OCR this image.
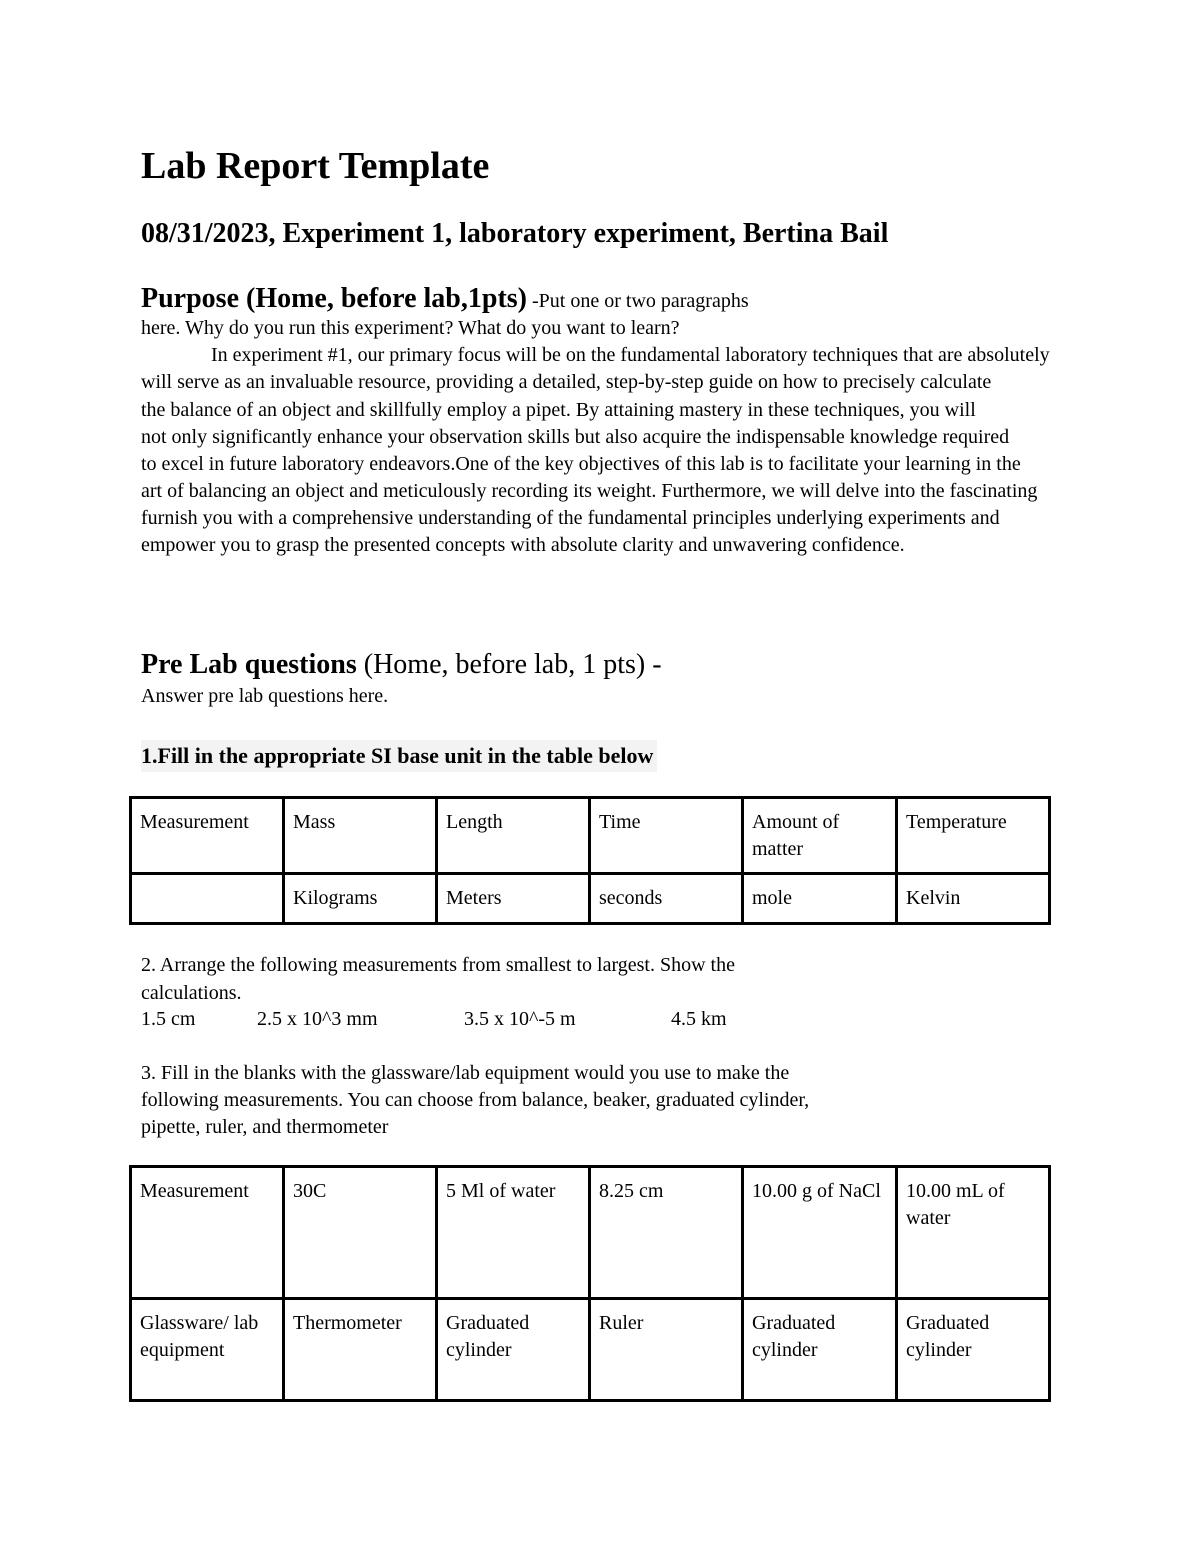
Lab Report Template
08/31/2023, Experiment 1, laboratory experiment, Bertina Bail
Purpose (Home, before lab,1pts) -Put one or two paragraphs
here. Why do you run this experiment? What do you want to learn?
In experiment #1, our primary focus will be on the fundamental laboratory techniques that are absolutely
will serve as an invaluable resource, providing a detailed, step-by-step guide on how to precisely calculate
the balance of an object and skillfully employ a pipet. By attaining mastery in these techniques, you will
not only significantly enhance your observation skills but also acquire the indispensable knowledge required
to excel in future laboratory endeavors.One of the key objectives of this lab is to facilitate your learning in the
art of balancing an object and meticulously recording its weight. Furthermore, we will delve into the fascinating
furnish you with a comprehensive understanding of the fundamental principles underlying experiments and
empower you to grasp the presented concepts with absolute clarity and unwavering confidence.
Pre Lab questions (Home, before lab, 1 pts) -
Answer pre lab questions here.
1.Fill in the appropriate SI base unit in the table below
Measurement	Mass	Length	Time	Amount of matter	Temperature
	Kilograms	Meters	seconds	mole	Kelvin
2. Arrange the following measurements from smallest to largest. Show the
calculations.
1.5 cm	2.5 x 10^3 mm	3.5 x 10^-5 m	4.5 km
3. Fill in the blanks with the glassware/lab equipment would you use to make the
following measurements. You can choose from balance, beaker, graduated cylinder,
pipette, ruler, and thermometer
Measurement	30C	5 Ml of water	8.25 cm	10.00 g of NaCl	10.00 mL of water
Glassware/ lab equipment	Thermometer	Graduated cylinder	Ruler	Graduated cylinder	Graduated cylinder
